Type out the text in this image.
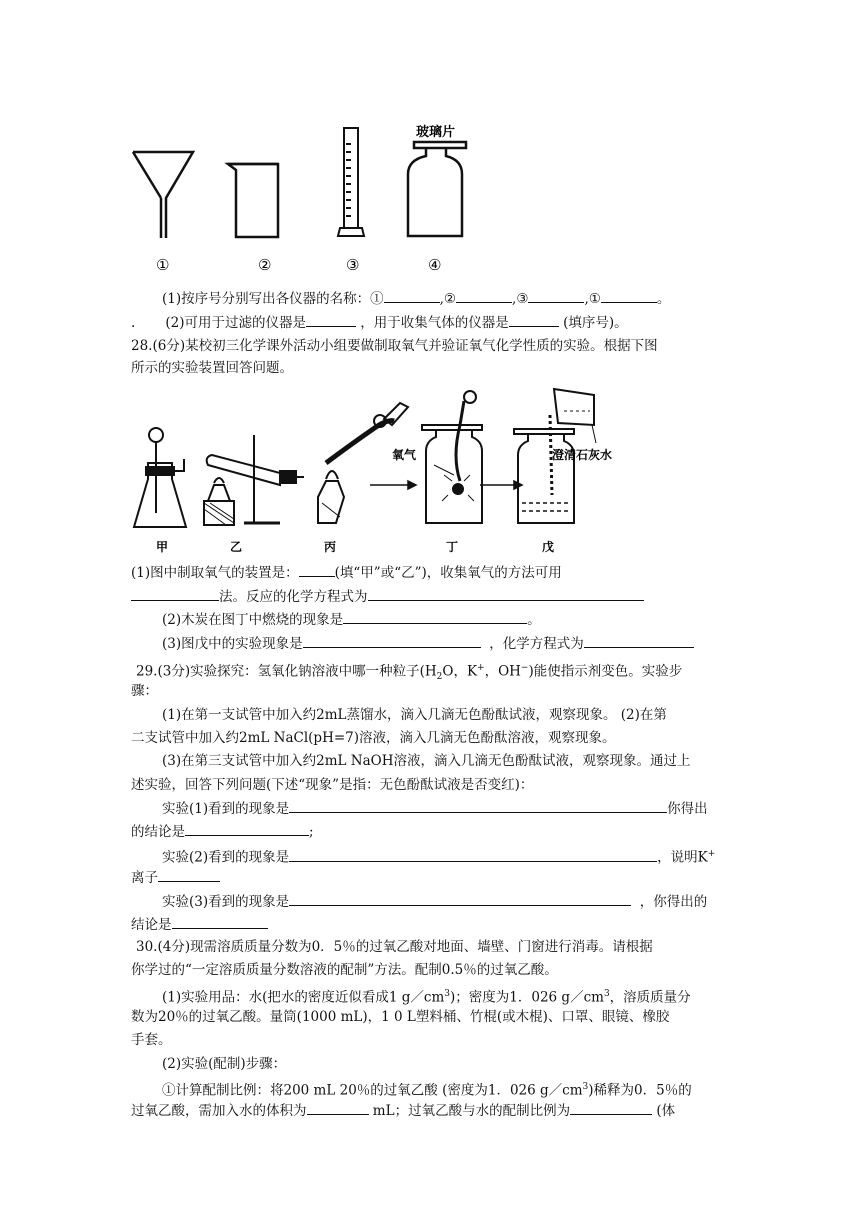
玻璃片
①	②	③	④
(1)按序号分别写出各仪器的名称：①	,②	,③	,①	。
. (2)可用于过滤的仪器是	，用于收集气体的仪器是	(填序号)。
28.(6分)某校初三化学课外活动小组要做制取氧气并验证氧气化学性质的实验。根据下图
所示的实验装置回答问题。
氧气	澄清石灰水
甲	乙	丙	丁	戊
(1)图中制取氧气的装置是：	(填“甲”或“乙”)，收集氧气的方法可用
法。反应的化学方程式为
(2)木炭在图丁中燃烧的现象是	。
(3)图戊中的实验现象是	，化学方程式为
29.(3分)实验探究：氢氧化钠溶液中哪一种粒子($H_2O$，K+，OH−)能使指示剂变色。实验步
骤：
(1)在第一支试管中加入约2mL蒸馏水，滴入几滴无色酚酞试液，观察现象。 (2)在第
二支试管中加入约2mL NaCl(pH=7)溶液，滴入几滴无色酚酞溶液，观察现象。
(3)在第三支试管中加入约2mL NaOH溶液，滴入几滴无色酚酞试液，观察现象。通过上
述实验，回答下列问题(下述“现象”是指：无色酚酞试液是否变红)：
实验(1)看到的现象是	你得出
的结论是	;
实验(2)看到的现象是	，说明K+
离子
实验(3)看到的现象是	，你得出的
结论是
30.(4分)现需溶质质量分数为0．5％的过氧乙酸对地面、墙壁、门窗进行消毒。请根据
你学过的“一定溶质质量分数溶液的配制”方法。配制0.5％的过氧乙酸。
(1)实验用品：水(把水的密度近似看成1 $g/cm^3$)；密度为1．026 $g/cm^3$，溶质质量分
数为20％的过氧乙酸。量筒(1000 mL)，1 0 L塑料桶、竹棍(或木棍)、口罩、眼镜、橡胶
手套。
(2)实验(配制)步骤：
①计算配制比例：将200 mL 20％的过氧乙酸 (密度为1．026 $g/cm^3$)稀释为0．5％的
过氧乙酸，需加入水的体积为	mL；过氧乙酸与水的配制比例为	(体
